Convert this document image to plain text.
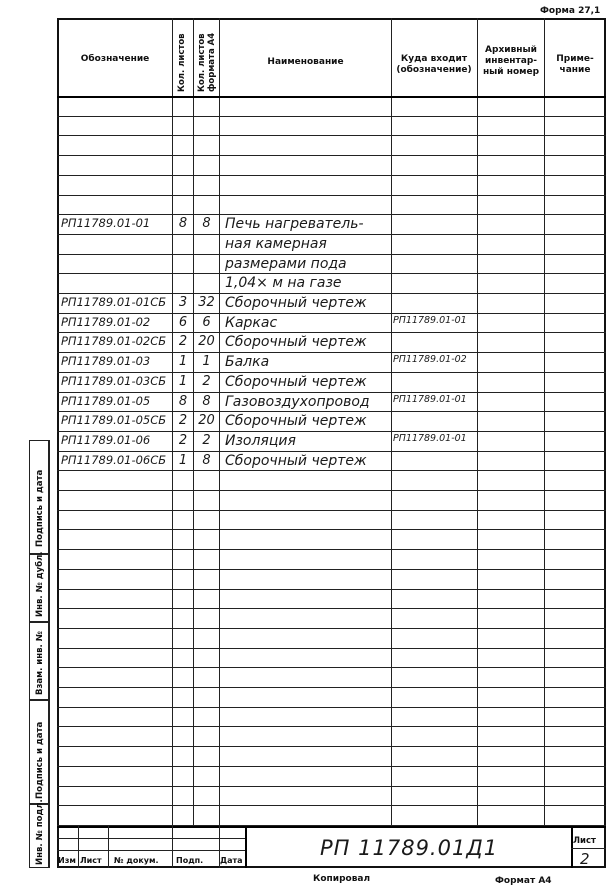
Форма 27,1
Обозначение	Кол. листов Кол. листов формата А4	Наименование	Куда входит (обозначение)
Архивный инвентар- ный номер
Приме- чание
РП11789.01-01	8	8	Печь нагреватель-
ная камерная
размерами пода
1,04× м на газе
РП11789.01-01СБ 3 32 Сборочный чертеж
РП11789.01-02	6	6	Каркас	РП11789.01-01
РП11789.01-02СБ 2 20 Сборочный чертеж
РП11789.01-03	1	1	Балка	РП11789.01-02
РП11789.01-03СБ 1	2	Сборочный чертеж
РП11789.01-05	8	8	Газовоздухопровод	РП11789.01-01
РП11789.01-05СБ 2 20 Сборочный чертеж
РП11789.01-06	2	2	Изоляция	РП11789.01-01
РП11789.01-06СБ 1	8	Сборочный чертеж
Изм Лист № докум. Подп. Дата
РП 11789.01Д1	Лист
2
Копировал	Формат А4
Подпись и дата
Инв. № дубл.
Взам. инв. №
Подпись и дата
Инв. № подл.
